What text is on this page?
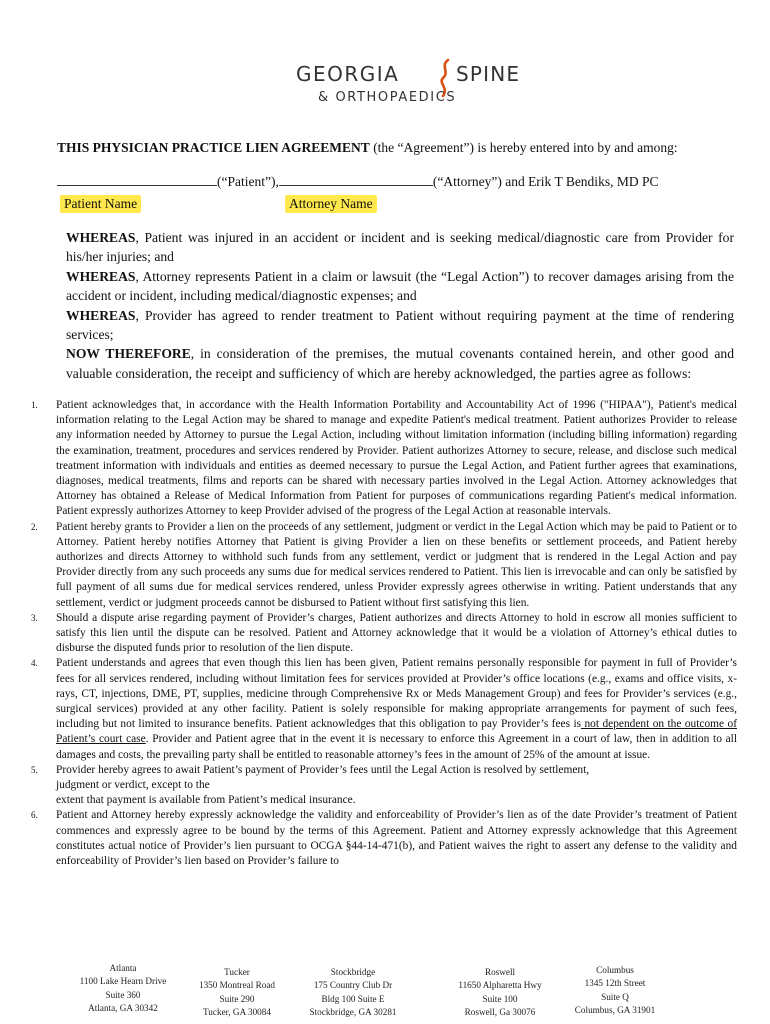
GEORGIA	SPINE
& ORTHOPAEDICS
THIS PHYSICIAN PRACTICE LIEN AGREEMENT (the “Agreement”) is hereby entered into by and among:
(“Patient”),	(“Attorney”) and Erik T Bendiks, MD PC
Patient Name	Attorney Name

WHEREAS, Patient was injured in an accident or incident and is seeking medical/diagnostic care from Provider for his/her injuries; and

WHEREAS, Attorney represents Patient in a claim or lawsuit (the “Legal Action”) to recover damages arising from the accident or incident, including medical/diagnostic expenses; and

WHEREAS, Provider has agreed to render treatment to Patient without requiring payment at the time of rendering services;

NOW THEREFORE, in consideration of the premises, the mutual covenants contained herein, and other good and valuable consideration, the receipt and sufficiency of which are hereby acknowledged, the parties agree as follows:

1. Patient acknowledges that, in accordance with the Health Information Portability and Accountability Act of 1996 ("HIPAA"), Patient's medical information relating to the Legal Action may be shared to manage and expedite Patient's medical treatment. Patient authorizes Provider to release any information needed by Attorney to pursue the Legal Action, including without limitation information (including billing information) regarding the examination, treatment, procedures and services rendered by Provider. Patient authorizes Attorney to secure, release, and disclose such medical treatment information with individuals and entities as deemed necessary to pursue the Legal Action, and Patient further agrees that examinations, diagnoses, medical treatments, films and reports can be shared with necessary parties involved in the Legal Action. Attorney acknowledges that Attorney has obtained a Release of Medical Information from Patient for purposes of communications regarding Patient's medical information. Patient expressly authorizes Attorney to keep Provider advised of the progress of the Legal Action at reasonable intervals.
2. Patient hereby grants to Provider a lien on the proceeds of any settlement, judgment or verdict in the Legal Action which may be paid to Patient or to Attorney. Patient hereby notifies Attorney that Patient is giving Provider a lien on these benefits or settlement proceeds, and Patient hereby authorizes and directs Attorney to withhold such funds from any settlement, verdict or judgment that is rendered in the Legal Action and pay Provider directly from any such proceeds any sums due for medical services rendered to Patient. This lien is irrevocable and can only be satisfied by full payment of all sums due for medical services rendered, unless Provider expressly agrees otherwise in writing. Patient understands that any settlement, verdict or judgment proceeds cannot be disbursed to Patient without first satisfying this lien.
3. Should a dispute arise regarding payment of Provider’s charges, Patient authorizes and directs Attorney to hold in escrow all monies sufficient to satisfy this lien until the dispute can be resolved. Patient and Attorney acknowledge that it would be a violation of Attorney’s ethical duties to disburse the disputed funds prior to resolution of the lien dispute.
4. Patient understands and agrees that even though this lien has been given, Patient remains personally responsible for payment in full of Provider’s fees for all services rendered, including without limitation fees for services provided at Provider’s office locations (e.g., exams and office visits, x-rays, CT, injections, DME, PT, supplies, medicine through Comprehensive Rx or Meds Management Group) and fees for Provider’s services (e.g., surgical services) provided at any other facility. Patient is solely responsible for making appropriate arrangements for payment of such fees, including but not limited to insurance benefits. Patient acknowledges that this obligation to pay Provider’s fees is not dependent on the outcome of Patient’s court case. Provider and Patient agree that in the event it is necessary to enforce this Agreement in a court of law, then in addition to all damages and costs, the prevailing party shall be entitled to reasonable attorney’s fees in the amount of 25% of the amount at issue.
5. Provider hereby agrees to await Patient’s payment of Provider’s fees until the Legal Action is resolved by settlement,
judgment or verdict, except to the
extent that payment is available from Patient’s medical insurance.
6. Patient and Attorney hereby expressly acknowledge the validity and enforceability of Provider’s lien as of the date Provider’s treatment of Patient commences and expressly agree to be bound by the terms of this Agreement. Patient and Attorney expressly acknowledge that this Agreement constitutes actual notice of Provider’s lien pursuant to OCGA §44-14-471(b), and Patient waives the right to assert any defense to the validity and enforceability of Provider’s lien based on Provider’s failure to
Atlanta
1100 Lake Hearn Drive
Suite 360
Atlanta, GA 30342
Tucker
1350 Montreal Road
Suite 290
Tucker, GA 30084
Stockbridge
175 Country Club Dr
Bldg 100 Suite E
Stockbridge, GA 30281
Roswell
11650 Alpharetta Hwy
Suite 100
Roswell, Ga 30076
Columbus
1345 12th Street
Suite Q
Columbus, GA 31901
